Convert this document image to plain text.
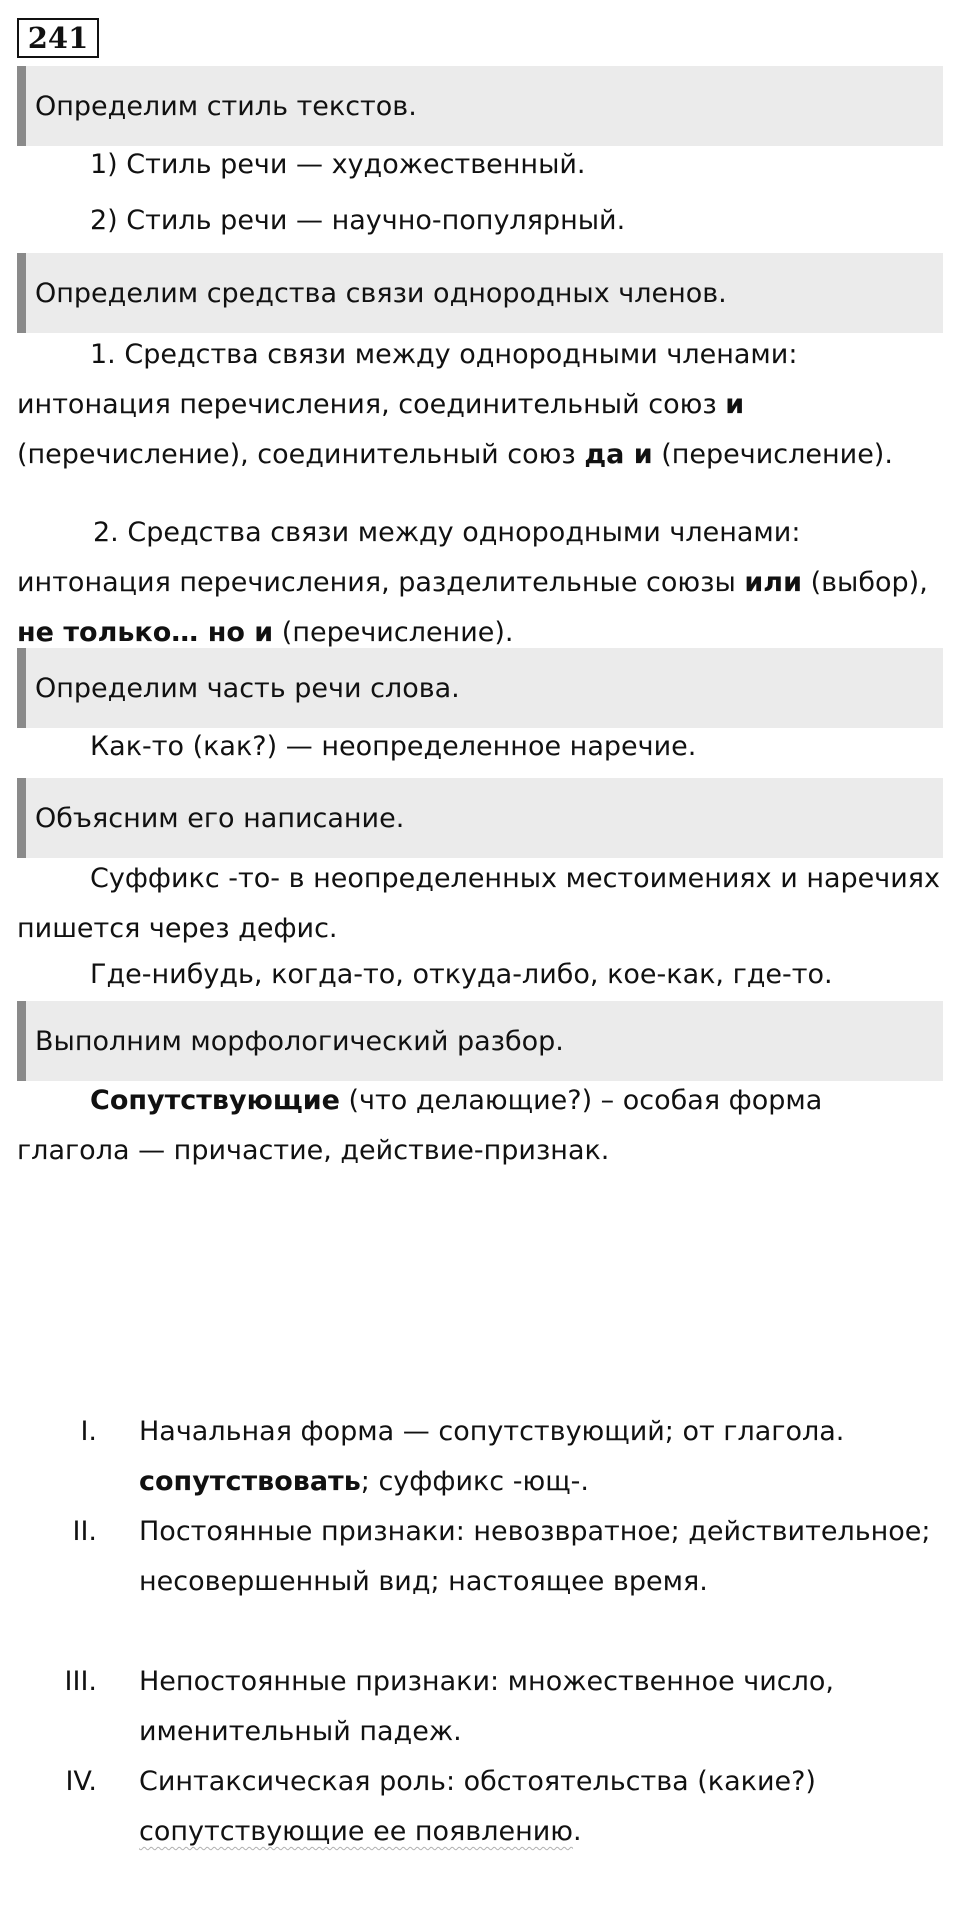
241
Определим стиль текстов.

1) Стиль речи — художественный.

2) Стиль речи — научно-популярный.

Определим средства связи однородных членов.

1. Средства связи между однородными членами: интонация перечисления, соединительный союз и (перечисление), соединительный союз да и (перечисление).

2. Средства связи между однородными членами: интонация перечисления, разделительные союзы или (выбор), не только… но и (перечисление).

Определим часть речи слова.

Как-то (как?) — неопределенное наречие.

Объясним его написание.

Суффикс -то- в неопределенных местоимениях и наречиях пишется через дефис.

Где-нибудь, когда-то, откуда-либо, кое-как, где-то.

Выполним морфологический разбор.

Сопутствующие (что делающие?) – особая форма глагола — причастие, действие-признак.

I. Начальная форма — сопутствующий; от глагола. сопутствовать; суффикс -ющ-.
II. Постоянные признаки: невозвратное; действительное; несовершенный вид; настоящее время.
III. Непостоянные признаки: множественное число, именительный падеж.
IV. Синтаксическая роль: обстоятельства (какие?) сопутствующие ее появлению.
